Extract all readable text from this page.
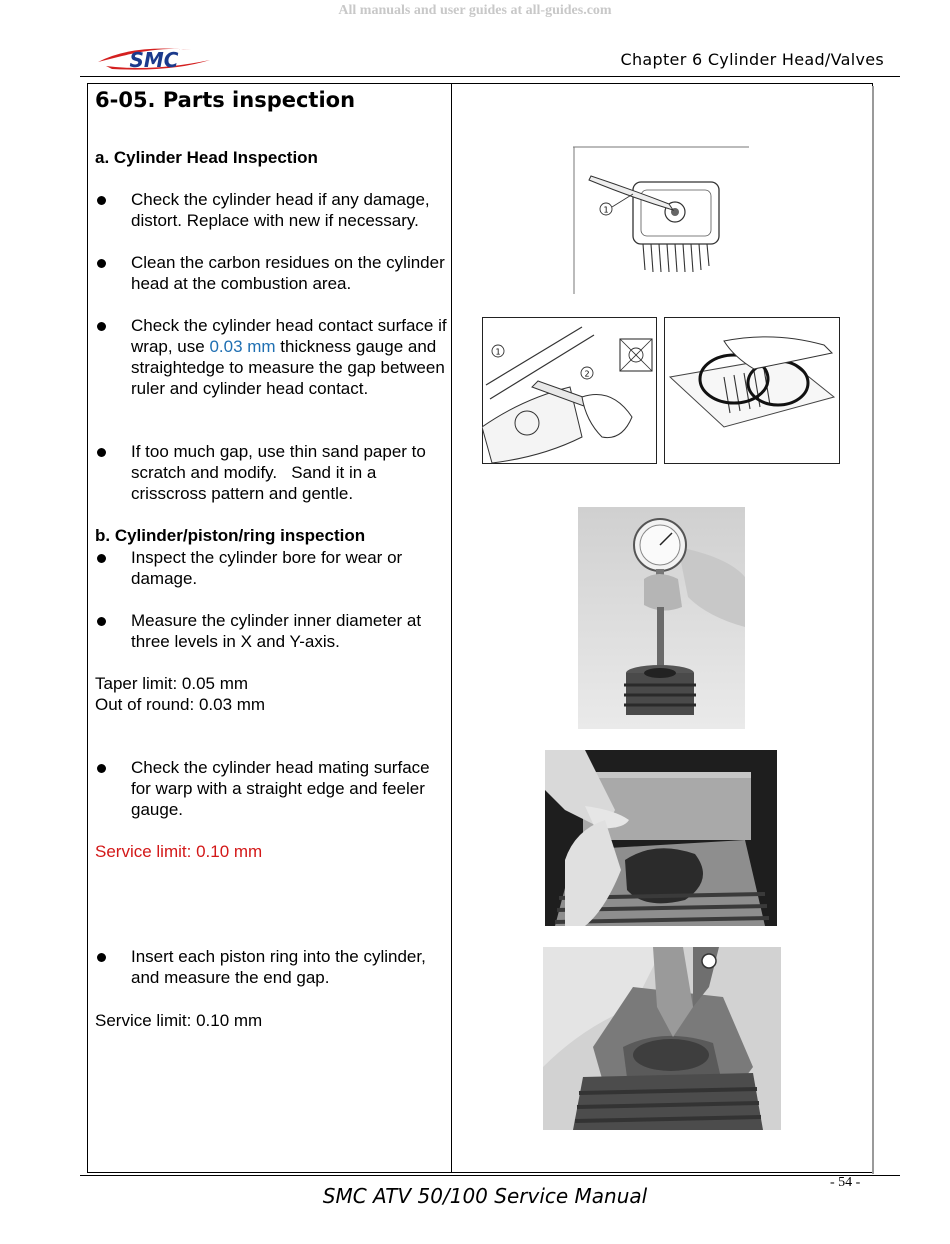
All manuals and user guides at all-guides.com
SMC	Chapter 6 Cylinder Head/Valves
6-05. Parts inspection
a. Cylinder Head Inspection
Check the cylinder head if any damage, distort. Replace with new if necessary.
Clean the carbon residues on the cylinder head at the combustion area.
Check the cylinder head contact surface if wrap, use 0.03 mm thickness gauge and straightedge to measure the gap between ruler and cylinder head contact.
If too much gap, use thin sand paper to scratch and modify.   Sand it in a crisscross pattern and gentle.
b. Cylinder/piston/ring inspection
Inspect the cylinder bore for wear or damage.
Measure the cylinder inner diameter at three levels in X and Y-axis.
Taper limit: 0.05 mm
Out of round: 0.03 mm
Check the cylinder head mating surface for warp with a straight edge and feeler gauge.
Service limit: 0.10 mm
Insert each piston ring into the cylinder, and measure the end gap.
Service limit: 0.10 mm
1
1
2
- 54 -
SMC ATV 50/100 Service Manual
